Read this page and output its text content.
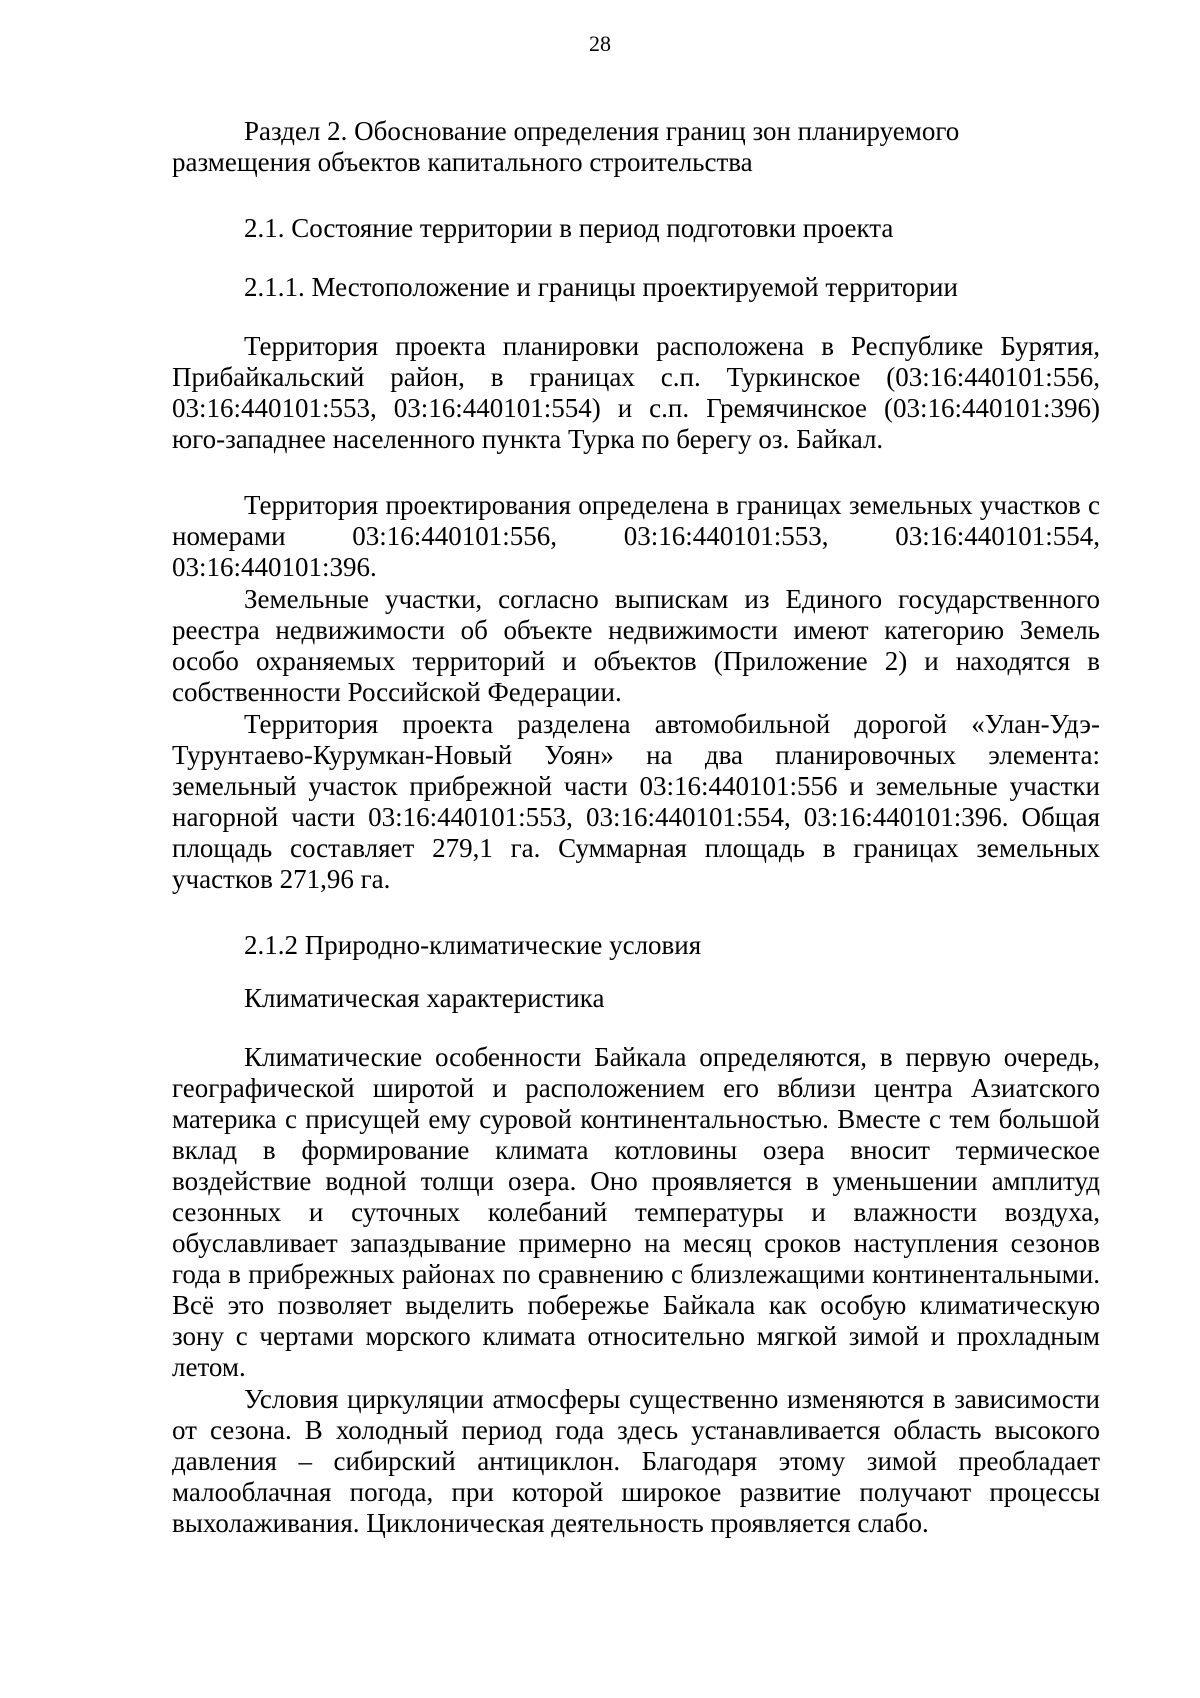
28

Раздел 2. Обоснование определения границ зон планируемого размещения объектов капитального строительства

2.1. Состояние территории в период подготовки проекта

2.1.1. Местоположение и границы проектируемой территории

Территория проекта планировки расположена в Республике Бурятия, Прибайкальский район, в границах с.п. Туркинское (03:16:440101:556, 03:16:440101:553, 03:16:440101:554) и с.п. Гремячинское (03:16:440101:396) юго-западнее населенного пункта Турка по берегу оз. Байкал.

Территория проектирования определена в границах земельных участков с номерами 03:16:440101:556, 03:16:440101:553, 03:16:440101:554, 03:16:440101:396.

Земельные участки, согласно выпискам из Единого государственного реестра недвижимости об объекте недвижимости имеют категорию Земель особо охраняемых территорий и объектов (Приложение 2) и находятся в собственности Российской Федерации.

Территория проекта разделена автомобильной дорогой «Улан-Удэ-Турунтаево-Курумкан-Новый Уоян» на два планировочных элемента: земельный участок прибрежной части 03:16:440101:556 и земельные участки нагорной части 03:16:440101:553, 03:16:440101:554, 03:16:440101:396. Общая площадь составляет 279,1 га. Суммарная площадь в границах земельных участков 271,96 га.

2.1.2 Природно-климатические условия

Климатическая характеристика

Климатические особенности Байкала определяются, в первую очередь, географической широтой и расположением его вблизи центра Азиатского материка с присущей ему суровой континентальностью. Вместе с тем большой вклад в формирование климата котловины озера вносит термическое воздействие водной толщи озера. Оно проявляется в уменьшении амплитуд сезонных и суточных колебаний температуры и влажности воздуха, обуславливает запаздывание примерно на месяц сроков наступления сезонов года в прибрежных районах по сравнению с близлежащими континентальными. Всё это позволяет выделить побережье Байкала как особую климатическую зону с чертами морского климата относительно мягкой зимой и прохладным летом.

Условия циркуляции атмосферы существенно изменяются в зависимости от сезона. В холодный период года здесь устанавливается область высокого давления – сибирский антициклон. Благодаря этому зимой преобладает малооблачная погода, при которой широкое развитие получают процессы выхолаживания. Циклоническая деятельность проявляется слабо.
